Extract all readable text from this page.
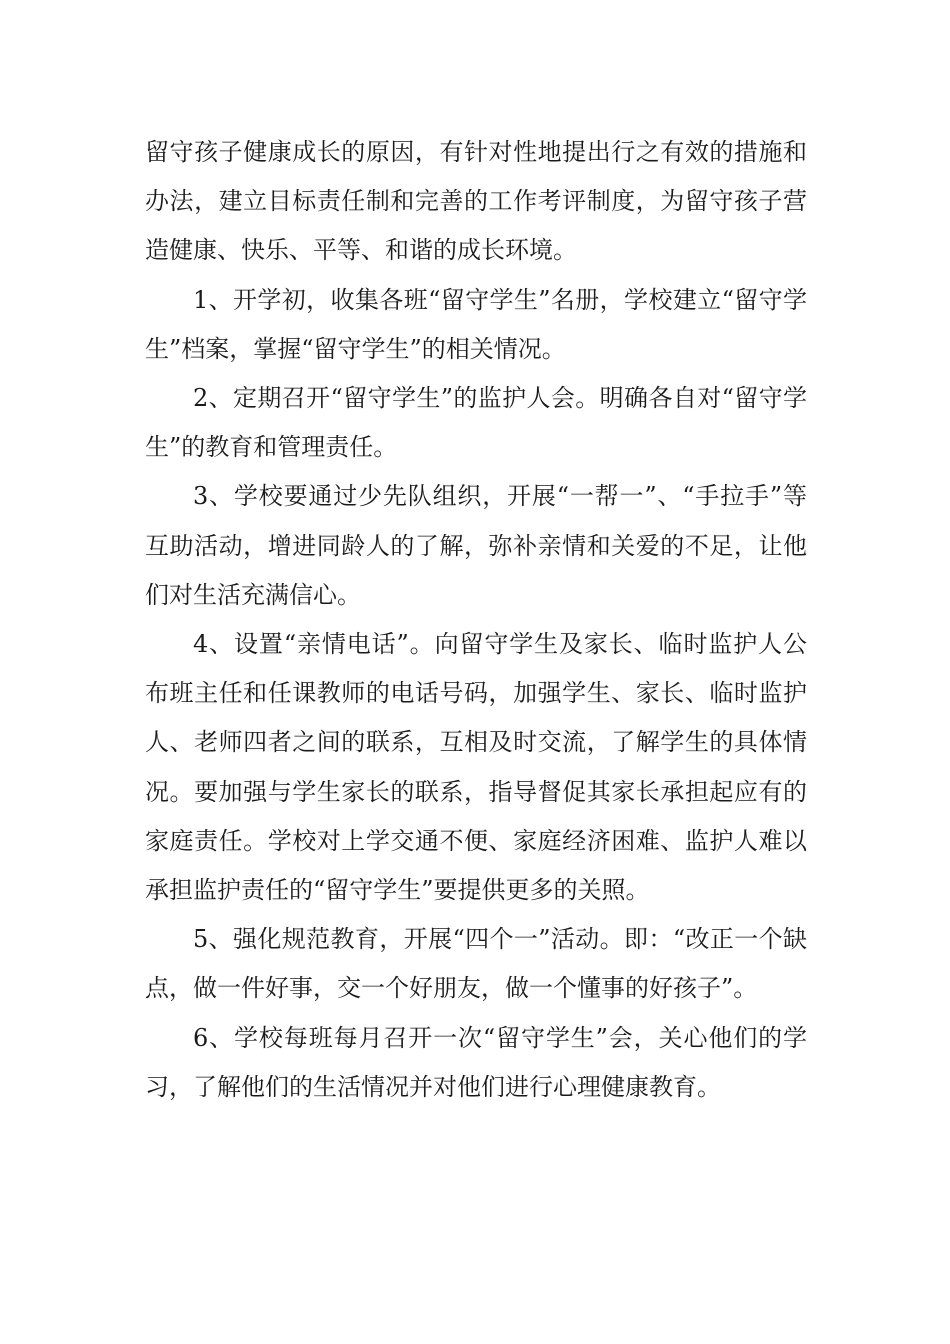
留守孩子健康成长的原因，有针对性地提出行之有效的措施和办法，建立目标责任制和完善的工作考评制度，为留守孩子营造健康、快乐、平等、和谐的成长环境。

1、开学初，收集各班“留守学生”名册，学校建立“留守学生”档案，掌握“留守学生”的相关情况。

2、定期召开“留守学生”的监护人会。明确各自对“留守学生”的教育和管理责任。

3、学校要通过少先队组织，开展“一帮一”、“手拉手”等互助活动，增进同龄人的了解，弥补亲情和关爱的不足，让他们对生活充满信心。

4、设置“亲情电话”。向留守学生及家长、临时监护人公布班主任和任课教师的电话号码，加强学生、家长、临时监护人、老师四者之间的联系，互相及时交流，了解学生的具体情况。要加强与学生家长的联系，指导督促其家长承担起应有的家庭责任。学校对上学交通不便、家庭经济困难、监护人难以承担监护责任的“留守学生”要提供更多的关照。

5、强化规范教育，开展“四个一”活动。即：“改正一个缺点，做一件好事，交一个好朋友，做一个懂事的好孩子”。

6、学校每班每月召开一次“留守学生”会，关心他们的学习，了解他们的生活情况并对他们进行心理健康教育。
